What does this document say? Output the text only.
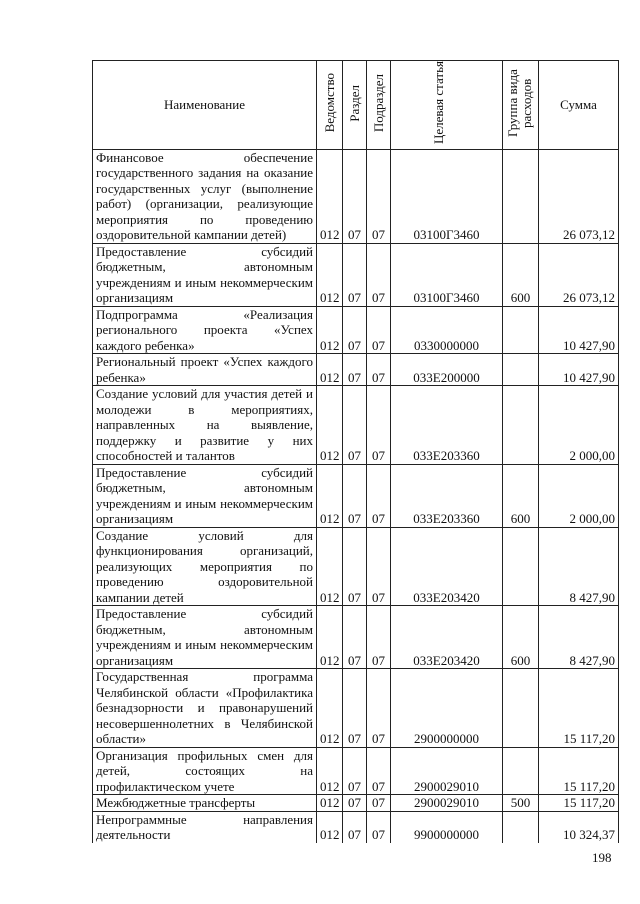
Наименование	Ведомство	Раздел	Подраздел	Целевая статья	Группа вида расходов	Сумма
Финансовое обеспечение государственного задания на оказание государственных услуг (выполнение работ) (организации, реализующие мероприятия по проведению оздоровительной кампании детей)	012	07	07	03100Г3460		26 073,12
Предоставление субсидий бюджетным, автономным учреждениям и иным некоммерческим организациям	012	07	07	03100Г3460	600	26 073,12
Подпрограмма «Реализация регионального проекта «Успех каждого ребенка»	012	07	07	0330000000		10 427,90
Региональный проект «Успех каждого ребенка»	012	07	07	033Е200000		10 427,90
Создание условий для участия детей и молодежи в мероприятиях, направленных на выявление, поддержку и развитие у них способностей и талантов	012	07	07	033Е203360		2 000,00
Предоставление субсидий бюджетным, автономным учреждениям и иным некоммерческим организациям	012	07	07	033Е203360	600	2 000,00
Создание условий для функционирования организаций, реализующих мероприятия по проведению оздоровительной кампании детей	012	07	07	033Е203420		8 427,90
Предоставление субсидий бюджетным, автономным учреждениям и иным некоммерческим организациям	012	07	07	033Е203420	600	8 427,90
Государственная программа Челябинской области «Профилактика безнадзорности и правонарушений несовершеннолетних в Челябинской области»	012	07	07	2900000000		15 117,20
Организация профильных смен для детей, состоящих на профилактическом учете	012	07	07	2900029010		15 117,20
Межбюджетные трансферты	012	07	07	2900029010	500	15 117,20
Непрограммные направления деятельности	012	07	07	9900000000		10 324,37
198
